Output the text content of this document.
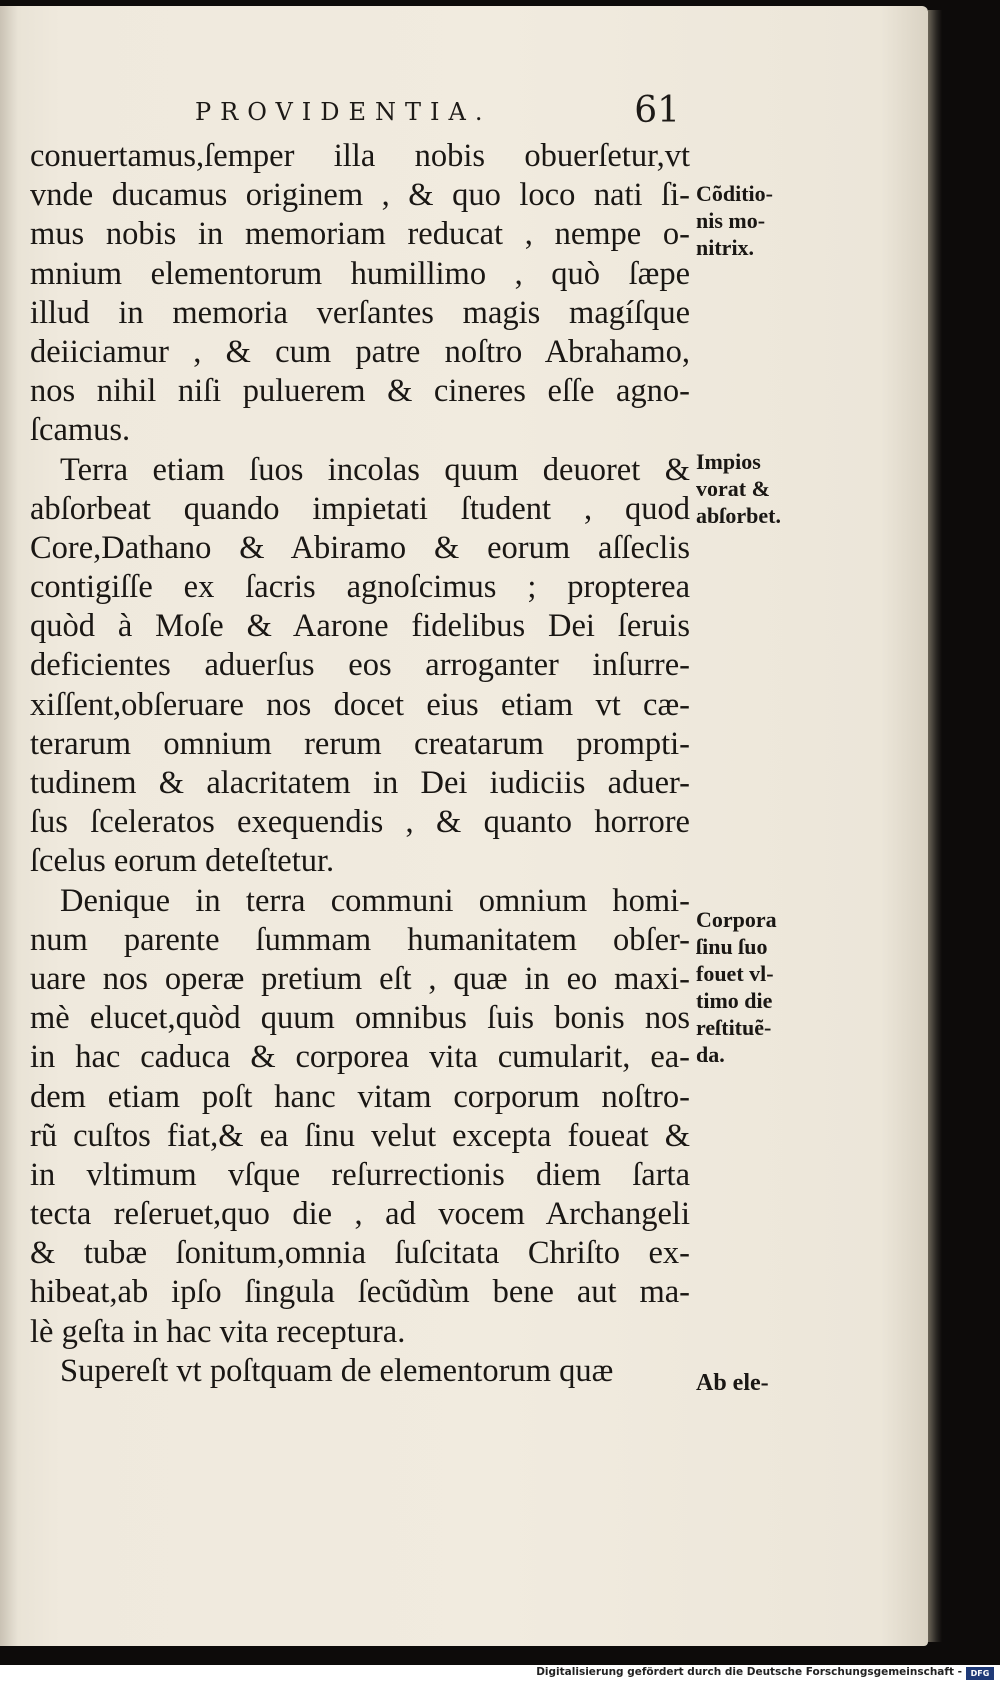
PROVIDENTIA.	61
conuertamus,ſemper illa nobis obuerſetur,vt
vnde ducamus originem , & quo loco nati ſi-
mus nobis in memoriam reducat , nempe o-
mnium elementorum humillimo , quò ſæpe
illud in memoria verſantes magis magíſque
deiiciamur , & cum patre noſtro Abrahamo,
nos nihil niſi puluerem & cineres eſſe agno-
ſcamus.
Terra etiam ſuos incolas quum deuoret &
abſorbeat quando impietati ſtudent , quod
Core,Dathano & Abiramo & eorum aſſeclis
contigiſſe ex ſacris agnoſcimus ; propterea
quòd à Moſe & Aarone fidelibus Dei ſeruis
deficientes aduerſus eos arroganter inſurre-
xiſſent,obſeruare nos docet eius etiam vt cæ-
terarum omnium rerum creatarum prompti-
tudinem & alacritatem in Dei iudiciis aduer-
ſus ſceleratos exequendis , & quanto horrore
ſcelus eorum deteſtetur.
Denique in terra communi omnium homi-
num parente ſummam humanitatem obſer-
uare nos operæ pretium eſt , quæ in eo maxi-
mè elucet,quòd quum omnibus ſuis bonis nos
in hac caduca & corporea vita cumularit, ea-
dem etiam poſt hanc vitam corporum noſtro-
rũ cuſtos fiat,& ea ſinu velut excepta foueat &
in vltimum vſque reſurrectionis diem ſarta
tecta reſeruet,quo die , ad vocem Archangeli
& tubæ ſonitum,omnia ſuſcitata Chriſto ex-
hibeat,ab ipſo ſingula ſecũdùm bene aut ma-
lè geſta in hac vita receptura.
Supereſt vt poſtquam de elementorum quæ
Cõditio-
nis mo-
nitrix.
Impios
vorat &
abſorbet.
Corpora
ſinu ſuo
fouet vl-
timo die
reſtituẽ-
da.
Ab ele-
Digitalisierung gefördert durch die Deutsche Forschungsgemeinschaft -	DFG
